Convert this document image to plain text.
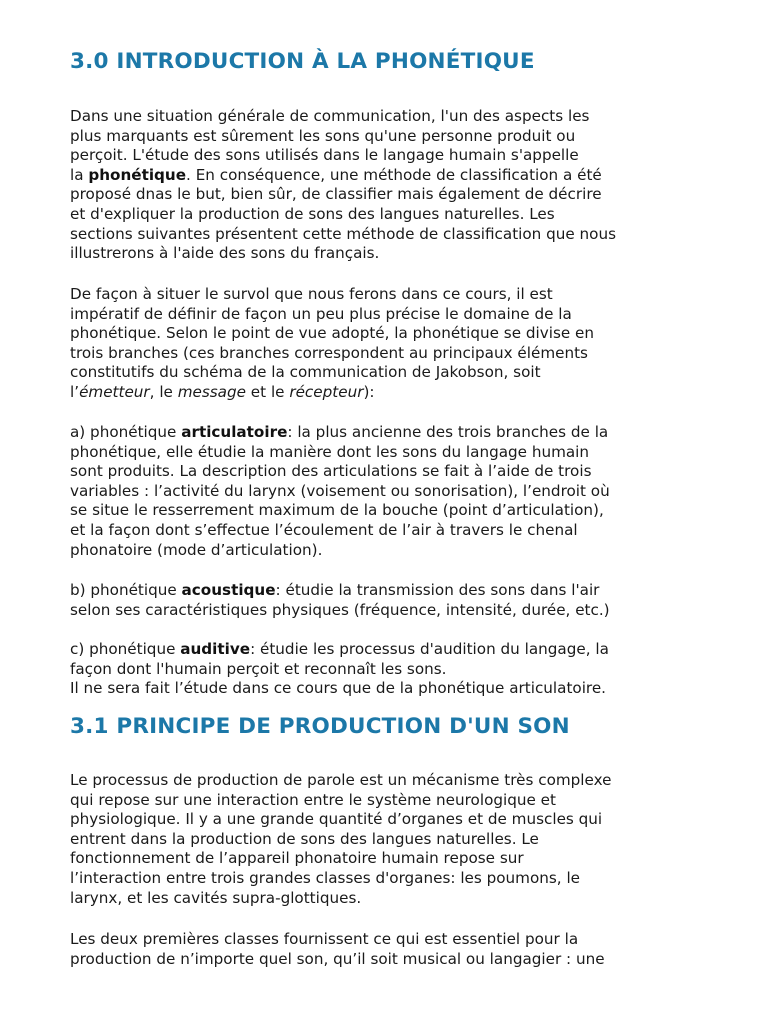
3.0 INTRODUCTION À LA PHONÉTIQUE

Dans une situation générale de communication, l'un des aspects les
plus marquants est sûrement les sons qu'une personne produit ou
perçoit. L'étude des sons utilisés dans le langage humain s'appelle
la phonétique. En conséquence, une méthode de classification a été
proposé dnas le but, bien sûr, de classifier mais également de décrire
et d'expliquer la production de sons des langues naturelles. Les
sections suivantes présentent cette méthode de classification que nous
illustrerons à l'aide des sons du français.

De façon à situer le survol que nous ferons dans ce cours, il est
impératif de définir de façon un peu plus précise le domaine de la
phonétique. Selon le point de vue adopté, la phonétique se divise en
trois branches (ces branches correspondent au principaux éléments
constitutifs du schéma de la communication de Jakobson, soit
l’émetteur, le message et le récepteur):

a) phonétique articulatoire: la plus ancienne des trois branches de la
phonétique, elle étudie la manière dont les sons du langage humain
sont produits. La description des articulations se fait à l’aide de trois
variables : l’activité du larynx (voisement ou sonorisation), l’endroit où
se situe le resserrement maximum de la bouche (point d’articulation),
et la façon dont s’effectue l’écoulement de l’air à travers le chenal
phonatoire (mode d’articulation).

b) phonétique acoustique: étudie la transmission des sons dans l'air
selon ses caractéristiques physiques (fréquence, intensité, durée, etc.)

c) phonétique auditive: étudie les processus d'audition du langage, la
façon dont l'humain perçoit et reconnaît les sons.
Il ne sera fait l’étude dans ce cours que de la phonétique articulatoire.

3.1 PRINCIPE DE PRODUCTION D'UN SON

Le processus de production de parole est un mécanisme très complexe
qui repose sur une interaction entre le système neurologique et
physiologique. Il y a une grande quantité d’organes et de muscles qui
entrent dans la production de sons des langues naturelles. Le
fonctionnement de l’appareil phonatoire humain repose sur
l’interaction entre trois grandes classes d'organes: les poumons, le
larynx, et les cavités supra-glottiques.

Les deux premières classes fournissent ce qui est essentiel pour la
production de n’importe quel son, qu’il soit musical ou langagier : une
